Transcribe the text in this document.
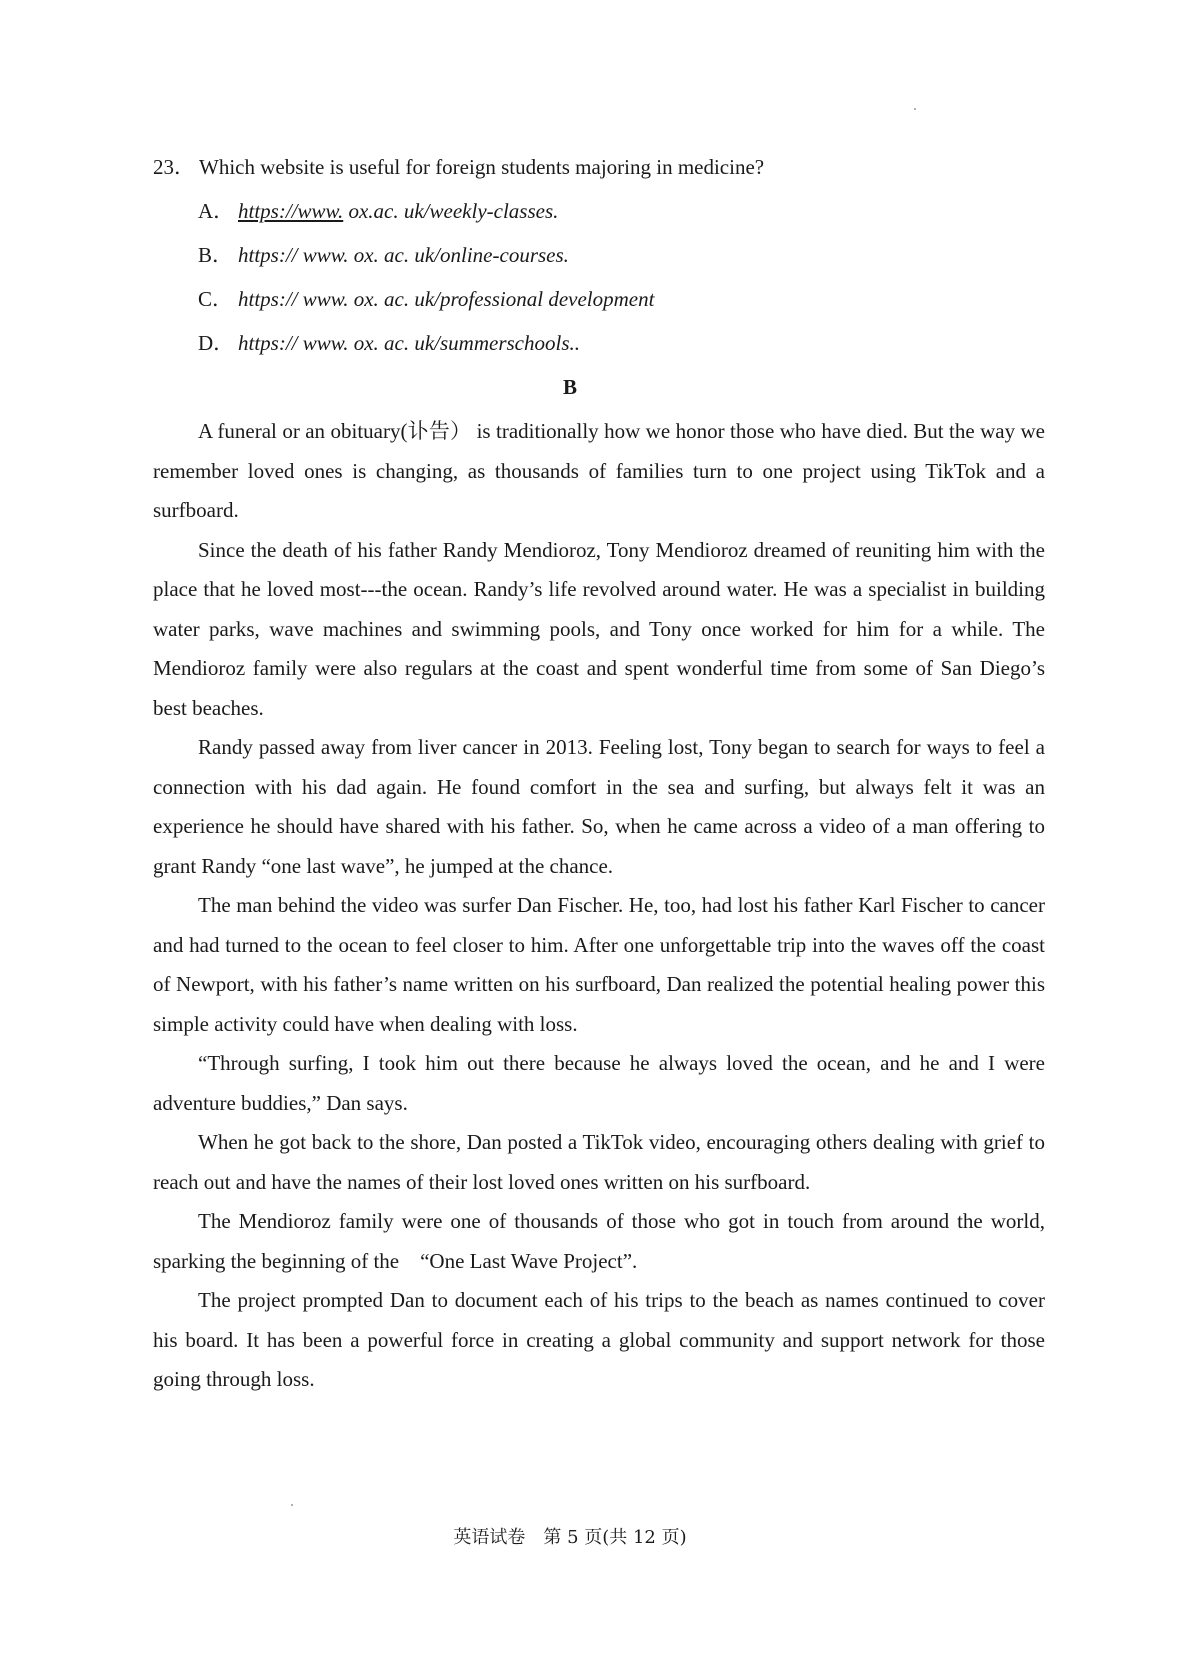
23． Which website is useful for foreign students majoring in medicine?
A． https://www. ox.ac. uk/weekly-classes.
B． https:// www. ox. ac. uk/online-courses.
C． https:// www. ox. ac. uk/professional development
D． https:// www. ox. ac. uk/summerschools..
B

A funeral or an obituary(讣告） is traditionally how we honor those who have died. But the way we remember loved ones is changing, as thousands of families turn to one project using TikTok and a surfboard.

Since the death of his father Randy Mendioroz, Tony Mendioroz dreamed of reuniting him with the place that he loved most---the ocean. Randy’s life revolved around water. He was a specialist in building water parks, wave machines and swimming pools, and Tony once worked for him for a while. The Mendioroz family were also regulars at the coast and spent wonderful time from some of San Diego’s best beaches.

Randy passed away from liver cancer in 2013. Feeling lost, Tony began to search for ways to feel a connection with his dad again. He found comfort in the sea and surfing, but always felt it was an experience he should have shared with his father. So, when he came across a video of a man offering to grant Randy “one last wave”, he jumped at the chance.

The man behind the video was surfer Dan Fischer. He, too, had lost his father Karl Fischer to cancer and had turned to the ocean to feel closer to him. After one unforgettable trip into the waves off the coast of Newport, with his father’s name written on his surfboard, Dan realized the potential healing power this simple activity could have when dealing with loss.

“Through surfing, I took him out there because he always loved the ocean, and he and I were adventure buddies,” Dan says.

When he got back to the shore, Dan posted a TikTok video, encouraging others dealing with grief to reach out and have the names of their lost loved ones written on his surfboard.

The Mendioroz family were one of thousands of those who got in touch from around the world, sparking the beginning of the　“One Last Wave Project”.

The project prompted Dan to document each of his trips to the beach as names continued to cover his board. It has been a powerful force in creating a global community and support network for those going through loss.

英语试卷 第 5 页(共 12 页)
